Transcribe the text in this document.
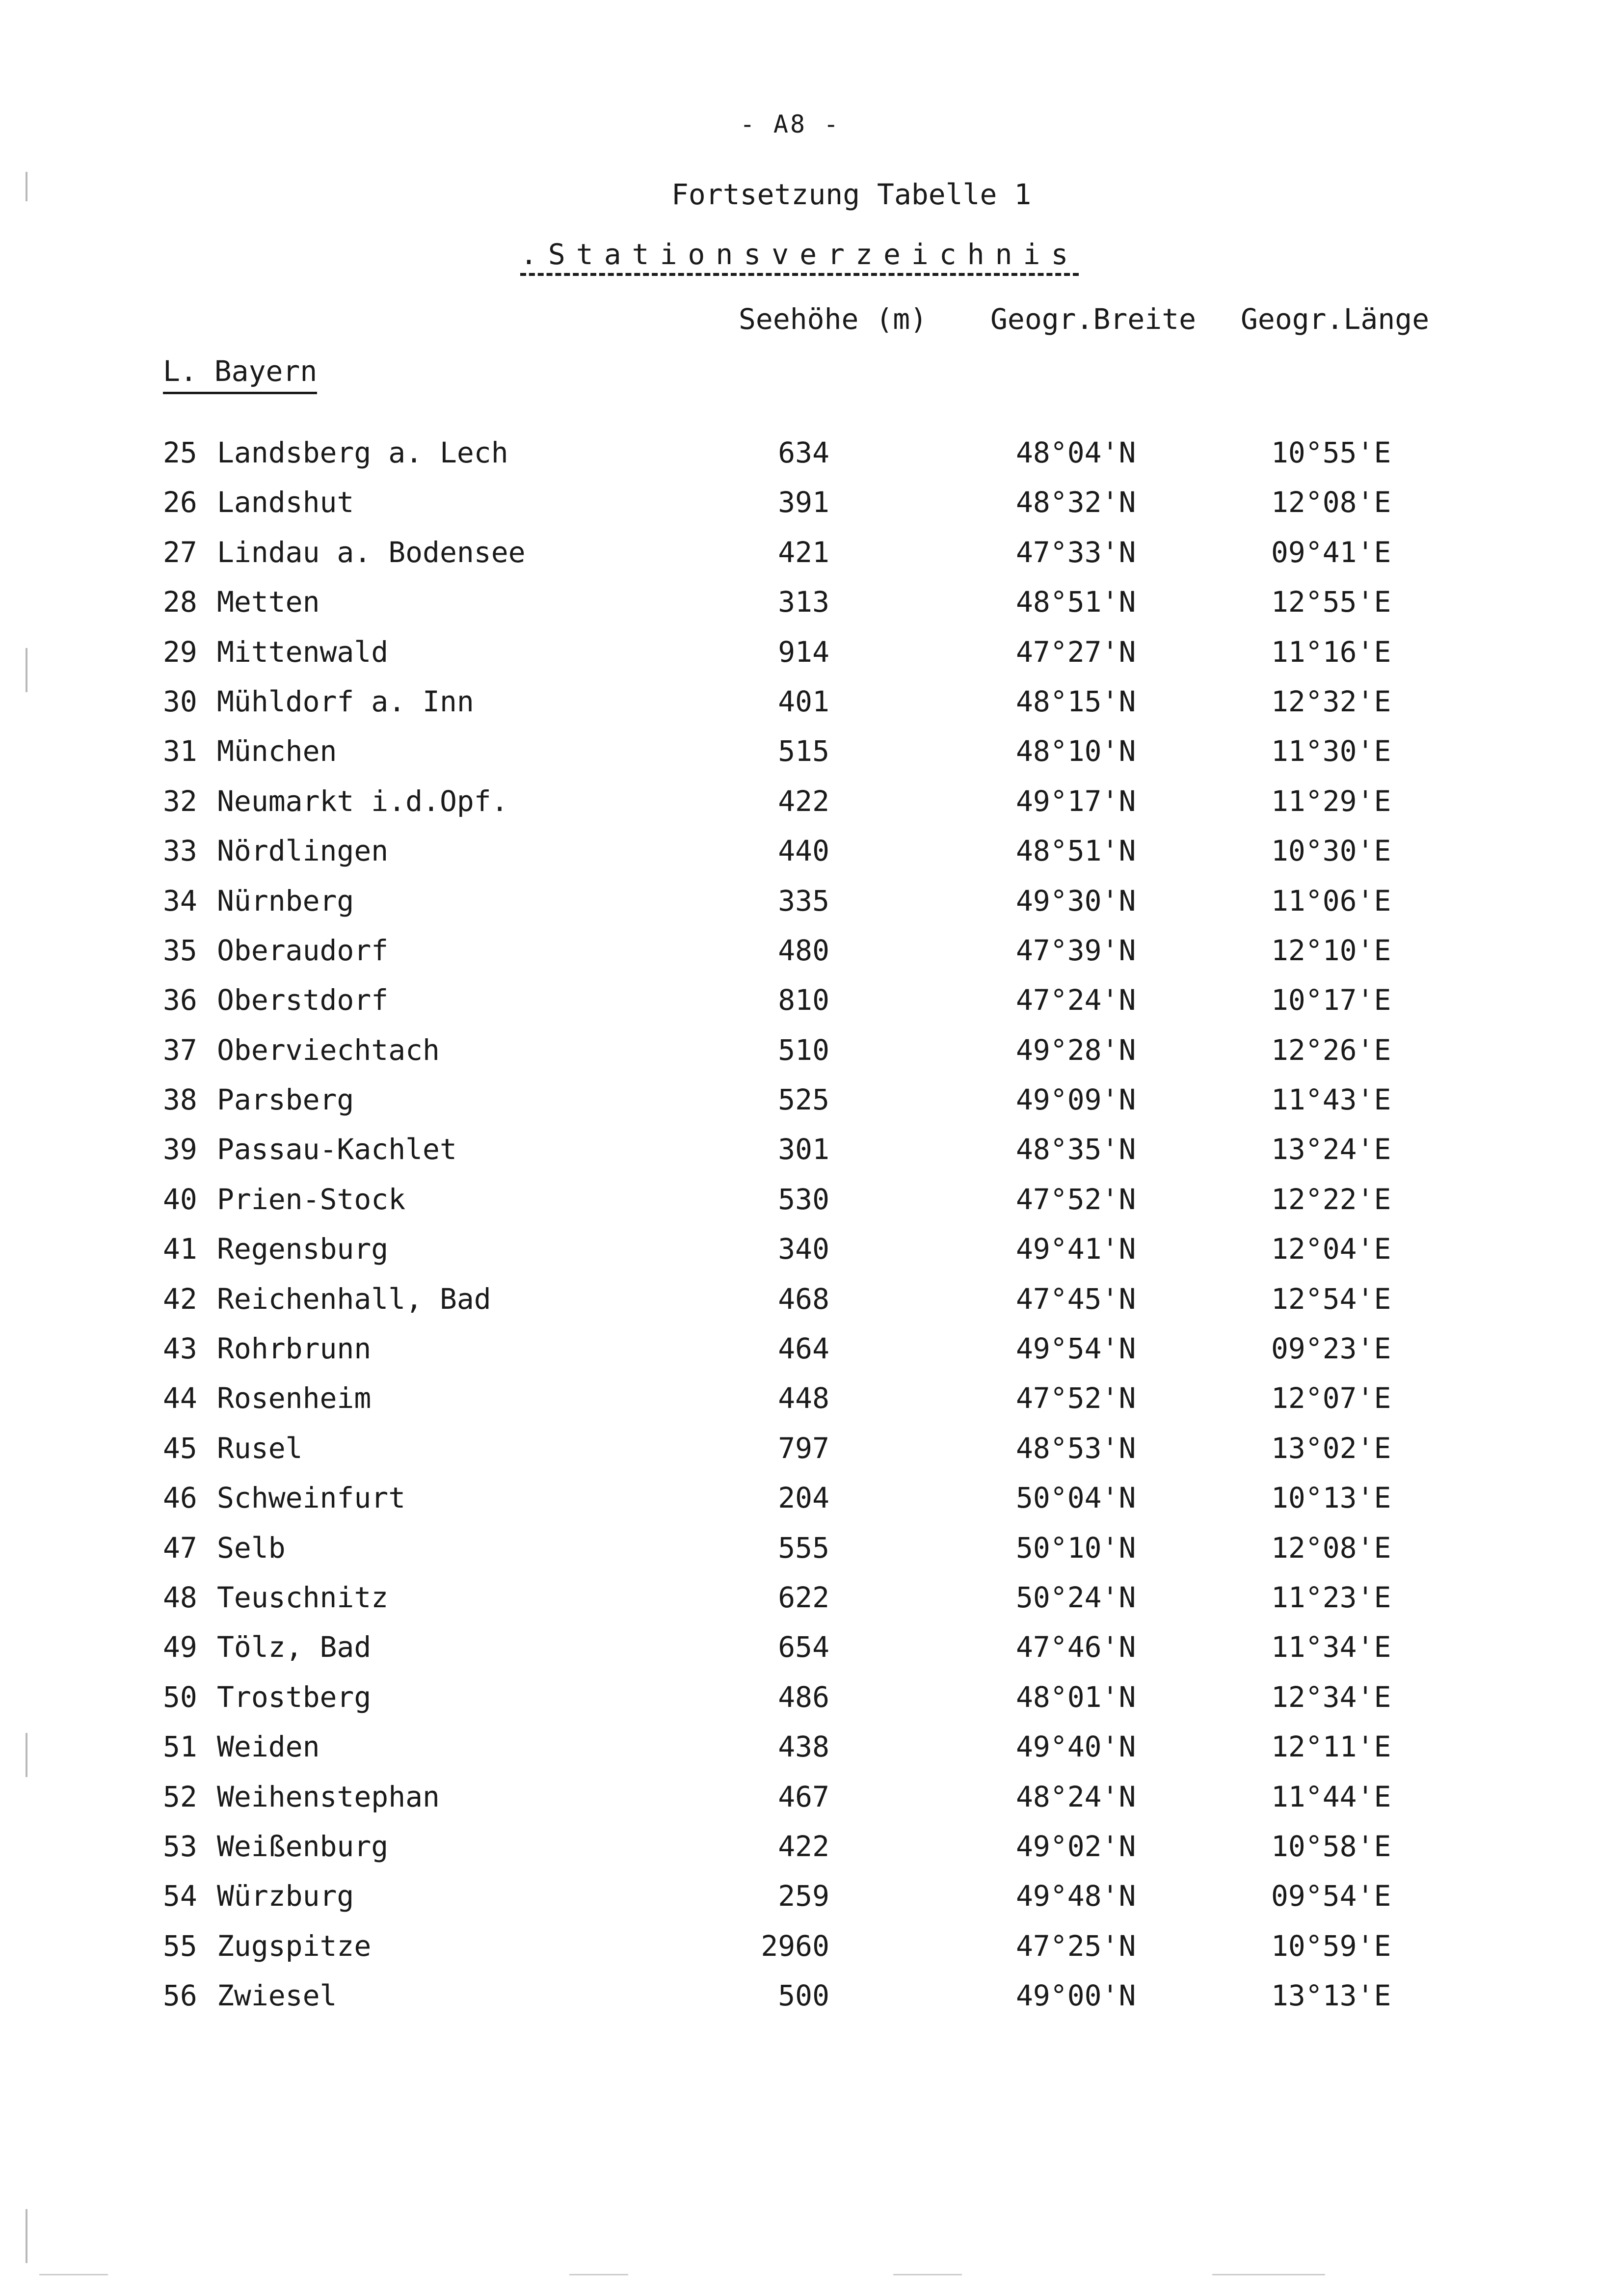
- A8 -
Fortsetzung Tabelle 1
.Stationsverzeichnis
Seehöhe (m) Geogr.Breite Geogr.Länge
L. Bayern
25 Landsberg a. Lech	634	48°04'N	10°55'E
26 Landshut	391	48°32'N	12°08'E
27 Lindau a. Bodensee	421	47°33'N	09°41'E
28 Metten	313	48°51'N	12°55'E
29 Mittenwald	914	47°27'N	11°16'E
30 Mühldorf a. Inn	401	48°15'N	12°32'E
31 München	515	48°10'N	11°30'E
32 Neumarkt i.d.Opf.	422	49°17'N	11°29'E
33 Nördlingen	440	48°51'N	10°30'E
34 Nürnberg	335	49°30'N	11°06'E
35 Oberaudorf	480	47°39'N	12°10'E
36 Oberstdorf	810	47°24'N	10°17'E
37 Oberviechtach	510	49°28'N	12°26'E
38 Parsberg	525	49°09'N	11°43'E
39 Passau-Kachlet	301	48°35'N	13°24'E
40 Prien-Stock	530	47°52'N	12°22'E
41 Regensburg	340	49°41'N	12°04'E
42 Reichenhall, Bad	468	47°45'N	12°54'E
43 Rohrbrunn	464	49°54'N	09°23'E
44 Rosenheim	448	47°52'N	12°07'E
45 Rusel	797	48°53'N	13°02'E
46 Schweinfurt	204	50°04'N	10°13'E
47 Selb	555	50°10'N	12°08'E
48 Teuschnitz	622	50°24'N	11°23'E
49 Tölz, Bad	654	47°46'N	11°34'E
50 Trostberg	486	48°01'N	12°34'E
51 Weiden	438	49°40'N	12°11'E
52 Weihenstephan	467	48°24'N	11°44'E
53 Weißenburg	422	49°02'N	10°58'E
54 Würzburg	259	49°48'N	09°54'E
55 Zugspitze	2960	47°25'N	10°59'E
56 Zwiesel	500	49°00'N	13°13'E
